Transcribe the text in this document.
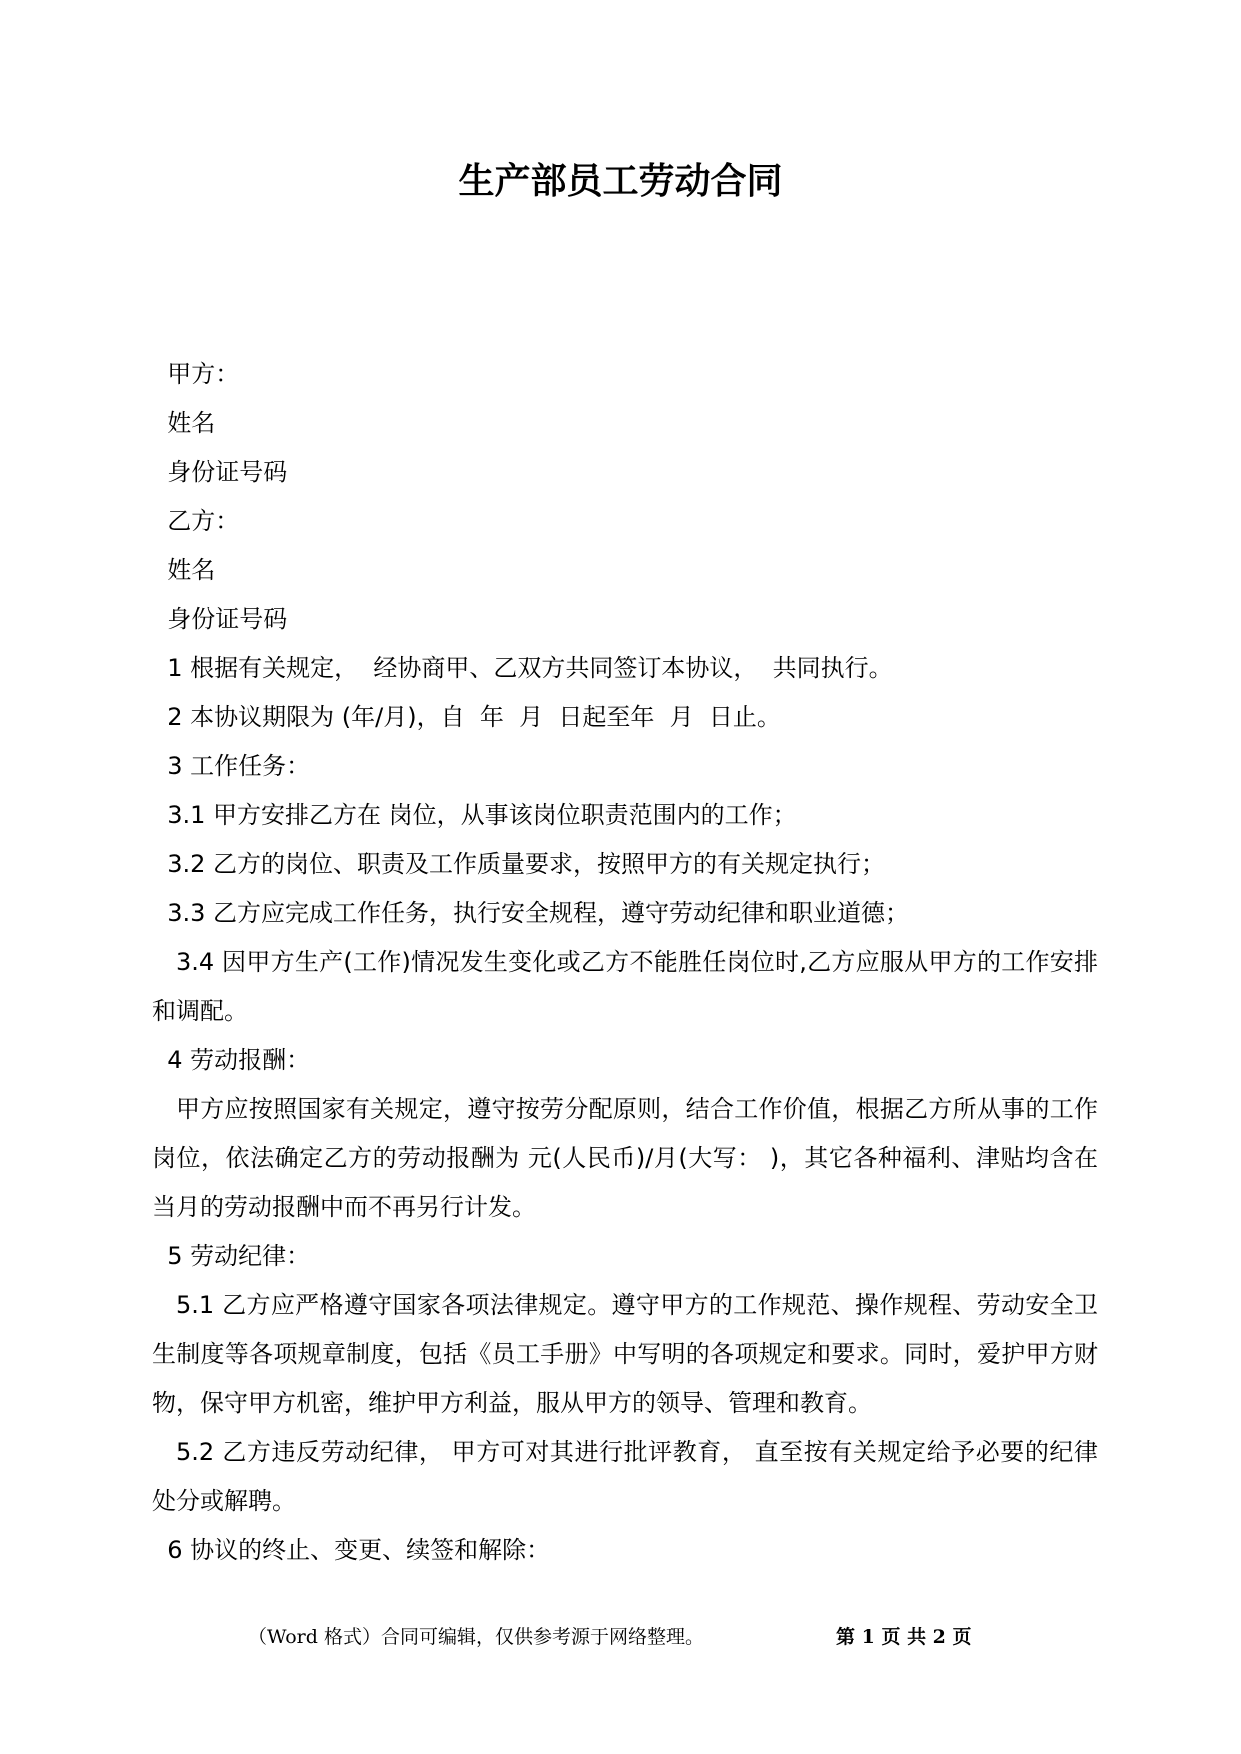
生产部员工劳动合同
甲方：
姓名
身份证号码
乙方：
姓名
身份证号码
1 根据有关规定，  经协商甲、乙双方共同签订本协议，  共同执行。
2 本协议期限为 (年/月)，自  年  月  日起至年  月  日止。
3 工作任务：
3.1 甲方安排乙方在 岗位，从事该岗位职责范围内的工作；
3.2 乙方的岗位、职责及工作质量要求，按照甲方的有关规定执行；
3.3 乙方应完成工作任务，执行安全规程，遵守劳动纪律和职业道德；

3.4 因甲方生产(工作)情况发生变化或乙方不能胜任岗位时,乙方应服从甲方的工作安排和调配。

4 劳动报酬：

甲方应按照国家有关规定，遵守按劳分配原则，结合工作价值，根据乙方所从事的工作岗位，依法确定乙方的劳动报酬为 元(人民币)/月(大写： )，其它各种福利、津贴均含在当月的劳动报酬中而不再另行计发。

5 劳动纪律：

5.1 乙方应严格遵守国家各项法律规定。遵守甲方的工作规范、操作规程、劳动安全卫生制度等各项规章制度，包括《员工手册》中写明的各项规定和要求。同时，爱护甲方财物，保守甲方机密，维护甲方利益，服从甲方的领导、管理和教育。

5.2 乙方违反劳动纪律， 甲方可对其进行批评教育， 直至按有关规定给予必要的纪律处分或解聘。

6 协议的终止、变更、续签和解除：
（Word 格式）合同可编辑，仅供参考源于网络整理。	第 1 页 共 2 页
